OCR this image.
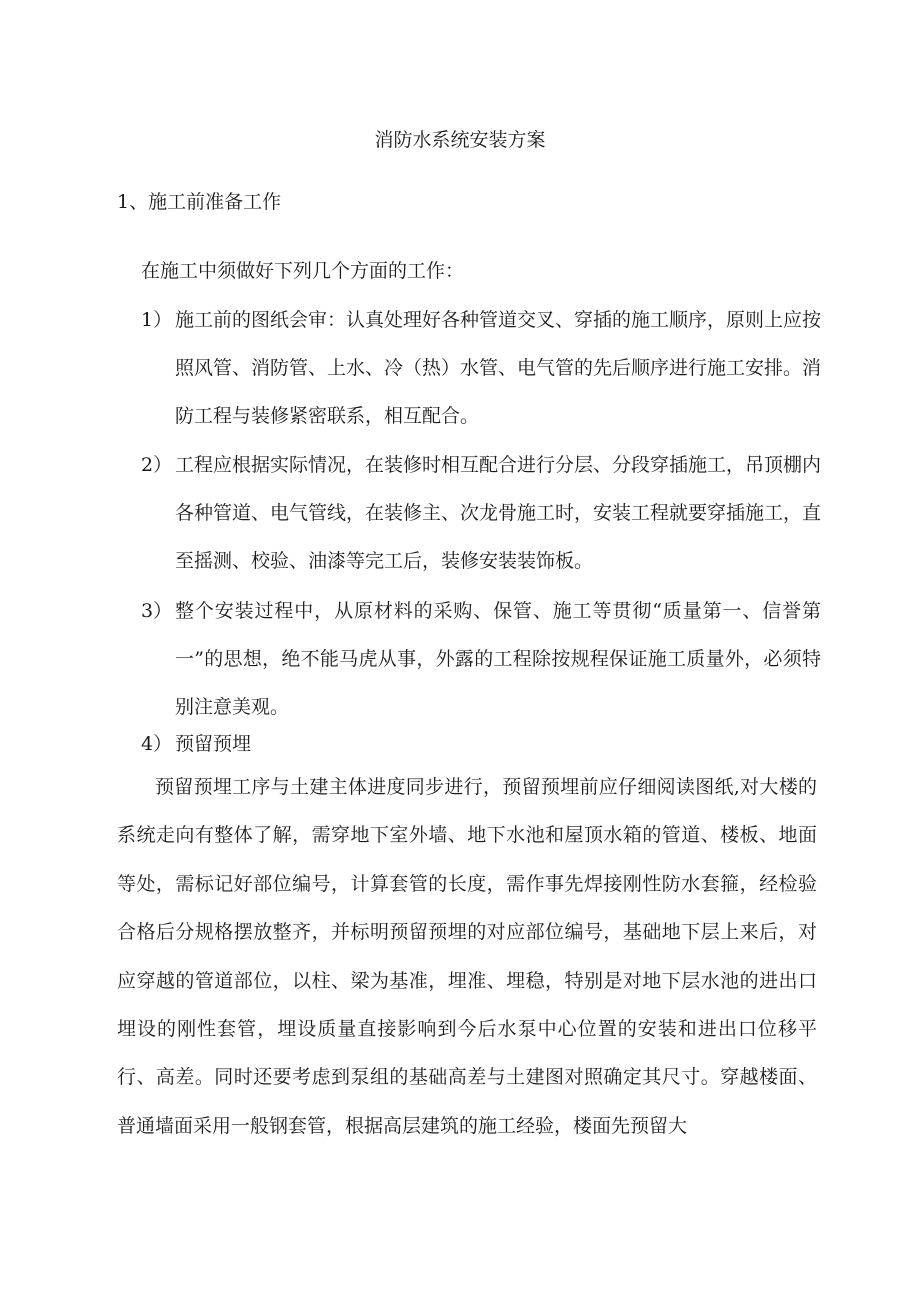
消防水系统安装方案

1、施工前准备工作

在施工中须做好下列几个方面的工作：

1） 施工前的图纸会审：认真处理好各种管道交叉、穿插的施工顺序，原则上应按照风管、消防管、上水、冷（热）水管、电气管的先后顺序进行施工安排。消防工程与装修紧密联系，相互配合。

2） 工程应根据实际情况，在装修时相互配合进行分层、分段穿插施工，吊顶棚内各种管道、电气管线，在装修主、次龙骨施工时，安装工程就要穿插施工，直至摇测、校验、油漆等完工后，装修安装装饰板。

3） 整个安装过程中，从原材料的采购、保管、施工等贯彻“质量第一、信誉第一”的思想，绝不能马虎从事，外露的工程除按规程保证施工质量外，必须特别注意美观。

4） 预留预埋

预留预埋工序与土建主体进度同步进行，预留预埋前应仔细阅读图纸,对大楼的系统走向有整体了解，需穿地下室外墙、地下水池和屋顶水箱的管道、楼板、地面等处，需标记好部位编号，计算套管的长度，需作事先焊接刚性防水套箍，经检验合格后分规格摆放整齐，并标明预留预埋的对应部位编号，基础地下层上来后，对应穿越的管道部位，以柱、梁为基准，埋准、埋稳，特别是对地下层水池的进出口埋设的刚性套管，埋设质量直接影响到今后水泵中心位置的安装和进出口位移平行、高差。同时还要考虑到泵组的基础高差与土建图对照确定其尺寸。穿越楼面、普通墙面采用一般钢套管，根据高层建筑的施工经验，楼面先预留大
